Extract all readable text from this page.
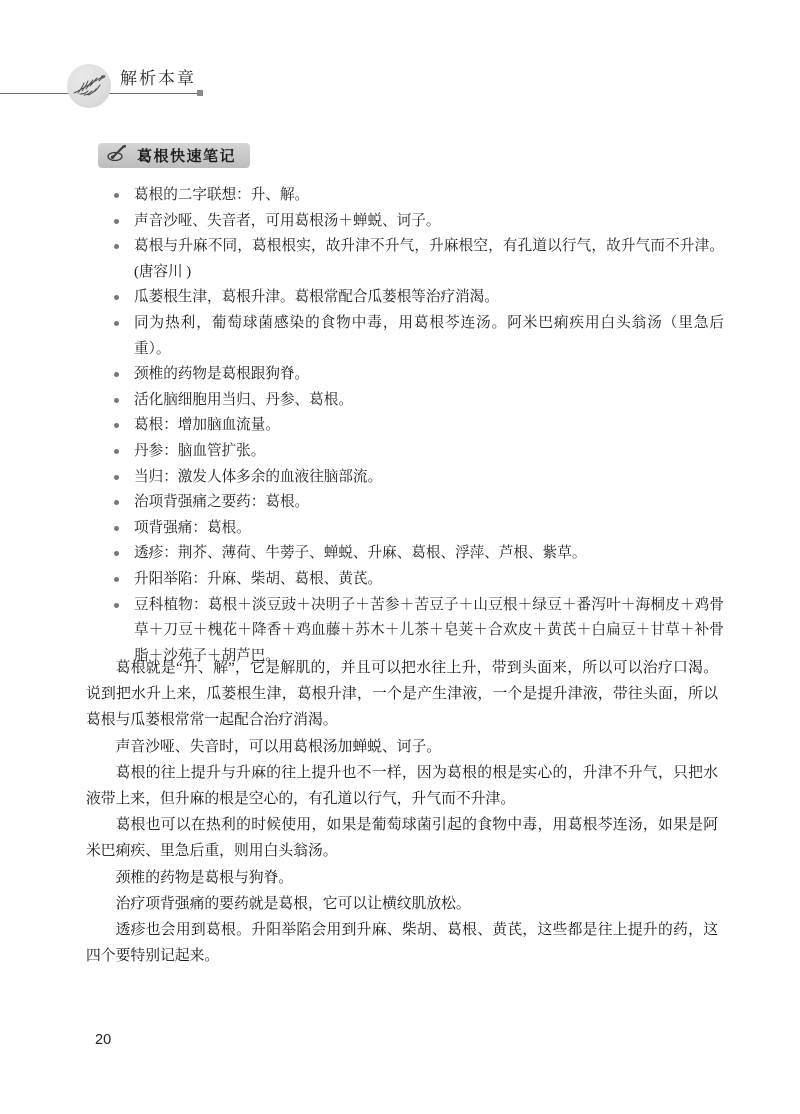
解析本章
葛根快速笔记
葛根的二字联想：升、解。
声音沙哑、失音者，可用葛根汤＋蝉蜕、诃子。
葛根与升麻不同，葛根根实，故升津不升气，升麻根空，有孔道以行气，故升气而不升津。(唐容川 )
瓜蒌根生津，葛根升津。葛根常配合瓜蒌根等治疗消渴。
同为热利，葡萄球菌感染的食物中毒，用葛根芩连汤。阿米巴痢疾用白头翁汤（里急后重）。
颈椎的药物是葛根跟狗脊。
活化脑细胞用当归、丹参、葛根。
葛根：增加脑血流量。
丹参：脑血管扩张。
当归：激发人体多余的血液往脑部流。
治项背强痛之要药：葛根。
项背强痛：葛根。
透疹：荆芥、薄荷、牛蒡子、蝉蜕、升麻、葛根、浮萍、芦根、紫草。
升阳举陷：升麻、柴胡、葛根、黄芪。
豆科植物：葛根＋淡豆豉＋决明子＋苦参＋苦豆子＋山豆根＋绿豆＋番泻叶＋海桐皮＋鸡骨草＋刀豆＋槐花＋降香＋鸡血藤＋苏木＋儿茶＋皂荚＋合欢皮＋黄芪＋白扁豆＋甘草＋补骨脂＋沙苑子＋胡芦巴。

葛根就是“升、解”，它是解肌的，并且可以把水往上升，带到头面来，所以可以治疗口渴。说到把水升上来，瓜蒌根生津，葛根升津，一个是产生津液，一个是提升津液，带往头面，所以葛根与瓜蒌根常常一起配合治疗消渴。

声音沙哑、失音时，可以用葛根汤加蝉蜕、诃子。

葛根的往上提升与升麻的往上提升也不一样，因为葛根的根是实心的，升津不升气，只把水液带上来，但升麻的根是空心的，有孔道以行气，升气而不升津。

葛根也可以在热利的时候使用，如果是葡萄球菌引起的食物中毒，用葛根芩连汤，如果是阿米巴痢疾、里急后重，则用白头翁汤。

颈椎的药物是葛根与狗脊。

治疗项背强痛的要药就是葛根，它可以让横纹肌放松。

透疹也会用到葛根。升阳举陷会用到升麻、柴胡、葛根、黄芪，这些都是往上提升的药，这四个要特别记起来。

20
